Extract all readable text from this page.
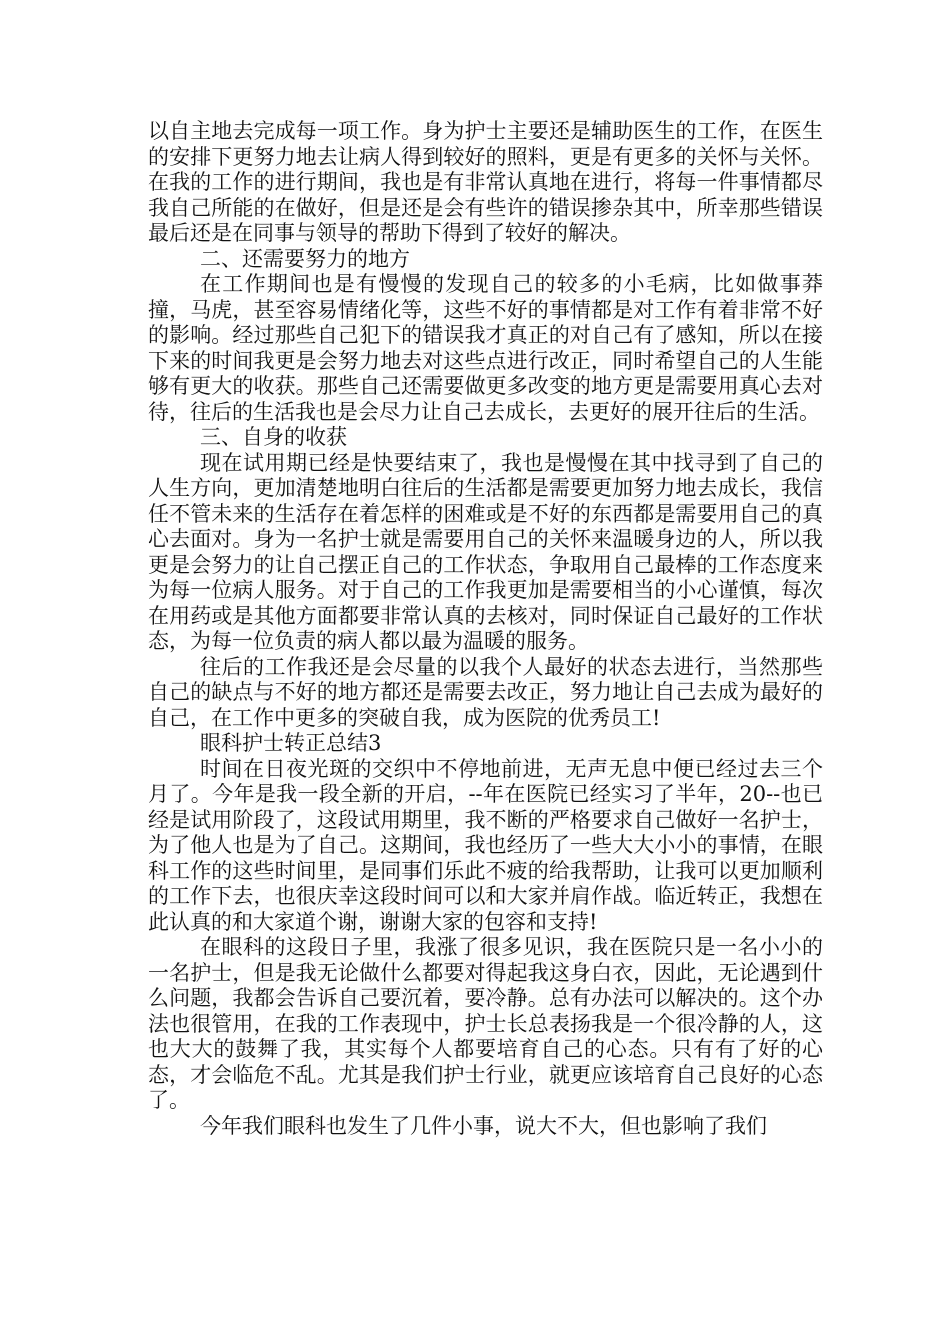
以自主地去完成每一项工作。身为护士主要还是辅助医生的工作，在医生的安排下更努力地去让病人得到较好的照料，更是有更多的关怀与关怀。在我的工作的进行期间，我也是有非常认真地在进行，将每一件事情都尽我自己所能的在做好，但是还是会有些许的错误掺杂其中，所幸那些错误最后还是在同事与领导的帮助下得到了较好的解决。

二、还需要努力的地方

在工作期间也是有慢慢的发现自己的较多的小毛病，比如做事莽撞，马虎，甚至容易情绪化等，这些不好的事情都是对工作有着非常不好的影响。经过那些自己犯下的错误我才真正的对自己有了感知，所以在接下来的时间我更是会努力地去对这些点进行改正，同时希望自己的人生能够有更大的收获。那些自己还需要做更多改变的地方更是需要用真心去对待，往后的生活我也是会尽力让自己去成长，去更好的展开往后的生活。

三、自身的收获

现在试用期已经是快要结束了，我也是慢慢在其中找寻到了自己的人生方向，更加清楚地明白往后的生活都是需要更加努力地去成长，我信任不管未来的生活存在着怎样的困难或是不好的东西都是需要用自己的真心去面对。身为一名护士就是需要用自己的关怀来温暖身边的人，所以我更是会努力的让自己摆正自己的工作状态，争取用自己最棒的工作态度来为每一位病人服务。对于自己的工作我更加是需要相当的小心谨慎，每次在用药或是其他方面都要非常认真的去核对，同时保证自己最好的工作状态，为每一位负责的病人都以最为温暖的服务。

往后的工作我还是会尽量的以我个人最好的状态去进行，当然那些自己的缺点与不好的地方都还是需要去改正，努力地让自己去成为最好的自己，在工作中更多的突破自我，成为医院的优秀员工!

眼科护士转正总结3

时间在日夜光斑的交织中不停地前进，无声无息中便已经过去三个月了。今年是我一段全新的开启，--年在医院已经实习了半年，20--也已经是试用阶段了，这段试用期里，我不断的严格要求自己做好一名护士，为了他人也是为了自己。这期间，我也经历了一些大大小小的事情，在眼科工作的这些时间里，是同事们乐此不疲的给我帮助，让我可以更加顺利的工作下去，也很庆幸这段时间可以和大家并肩作战。临近转正，我想在此认真的和大家道个谢，谢谢大家的包容和支持!

在眼科的这段日子里，我涨了很多见识，我在医院只是一名小小的一名护士，但是我无论做什么都要对得起我这身白衣，因此，无论遇到什么问题，我都会告诉自己要沉着，要冷静。总有办法可以解决的。这个办法也很管用，在我的工作表现中，护士长总表扬我是一个很冷静的人，这也大大的鼓舞了我，其实每个人都要培育自己的心态。只有有了好的心态，才会临危不乱。尤其是我们护士行业，就更应该培育自己良好的心态了。

今年我们眼科也发生了几件小事，说大不大，但也影响了我们
